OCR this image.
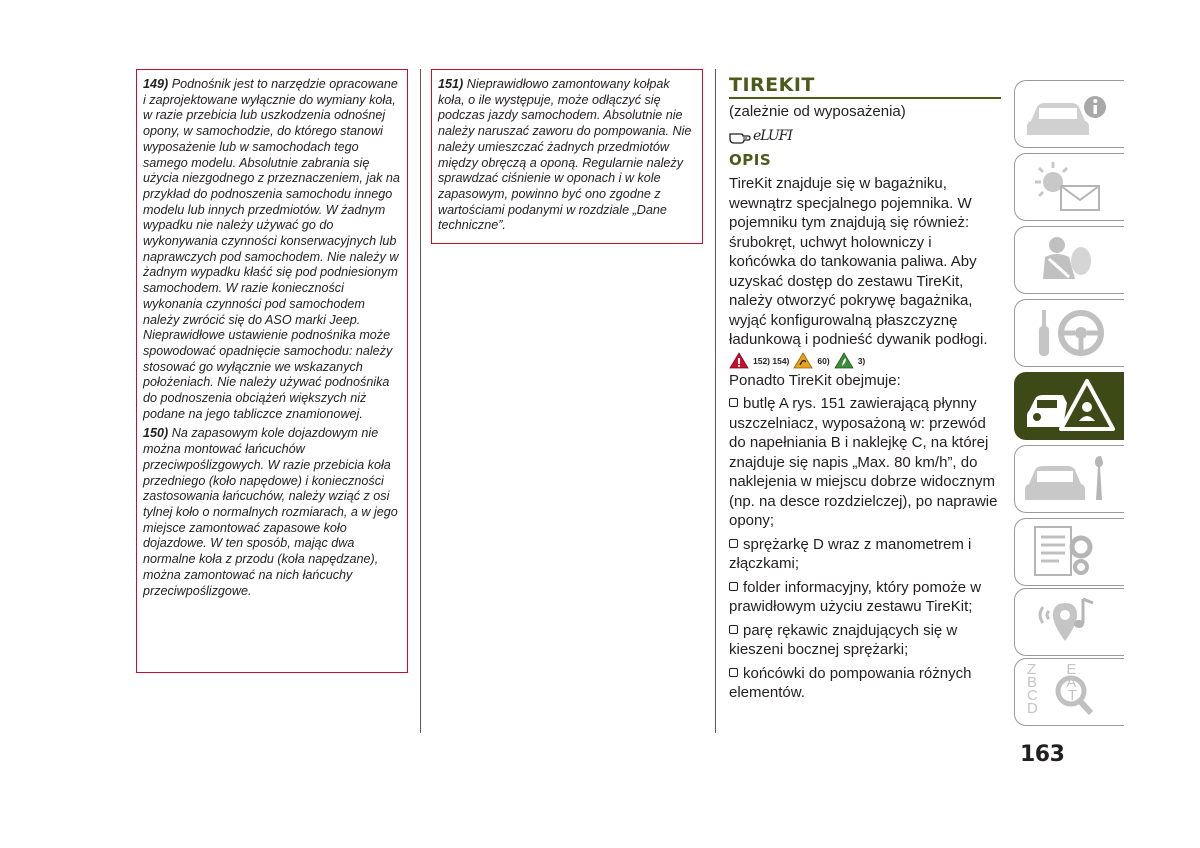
149) Podnośnik jest to narzędzie opracowane i zaprojektowane wyłącznie do wymiany koła, w razie przebicia lub uszkodzenia odnośnej opony, w samochodzie, do którego stanowi wyposażenie lub w samochodach tego samego modelu. Absolutnie zabrania się użycia niezgodnego z przeznaczeniem, jak na przykład do podnoszenia samochodu innego modelu lub innych przedmiotów. W żadnym wypadku nie należy używać go do wykonywania czynności konserwacyjnych lub naprawczych pod samochodem. Nie należy w żadnym wypadku kłaść się pod podniesionym samochodem. W razie konieczności wykonania czynności pod samochodem należy zwrócić się do ASO marki Jeep. Nieprawidłowe ustawienie podnośnika może spowodować opadnięcie samochodu: należy stosować go wyłącznie we wskazanych położeniach. Nie należy używać podnośnika do podnoszenia obciążeń większych niż podane na jego tabliczce znamionowej.

150) Na zapasowym kole dojazdowym nie można montować łańcuchów przeciwpoślizgowych. W razie przebicia koła przedniego (koło napędowe) i konieczności zastosowania łańcuchów, należy wziąć z osi tylnej koło o normalnych rozmiarach, a w jego miejsce zamontować zapasowe koło dojazdowe. W ten sposób, mając dwa normalne koła z przodu (koła napędzane), można zamontować na nich łańcuchy przeciwpoślizgowe.

151) Nieprawidłowo zamontowany kołpak koła, o ile występuje, może odłączyć się podczas jazdy samochodem. Absolutnie nie należy naruszać zaworu do pompowania. Nie należy umieszczać żadnych przedmiotów między obręczą a oponą. Regularnie należy sprawdzać ciśnienie w oponach i w kole zapasowym, powinno być ono zgodne z wartościami podanymi w rozdziale „Dane techniczne”.

TIREKIT
(zależnie od wyposażenia)
eLUFI
OPIS

TireKit znajduje się w bagażniku, wewnątrz specjalnego pojemnika. W pojemniku tym znajdują się również: śrubokręt, uchwyt holowniczy i końcówka do tankowania paliwa. Aby uzyskać dostęp do zestawu TireKit, należy otworzyć pokrywę bagażnika, wyjąć konfigurowalną płaszczyznę ładunkową i podnieść dywanik podłogi.

152) 154)	60)	3)

Ponadto TireKit obejmuje:

butlę A rys. 151 zawierającą płynny uszczelniacz, wyposażoną w: przewód do napełniania B i naklejkę C, na której znajduje się napis „Max. 80 km/h”, do naklejenia w miejscu dobrze widocznym (np. na desce rozdzielczej), po naprawie opony;

sprężarkę D wraz z manometrem i złączkami;

folder informacyjny, który pomoże w prawidłowym użyciu zestawu TireKit;

parę rękawic znajdujących się w kieszeni bocznej sprężarki;

końcówki do pompowania różnych elementów.

Z E B A C T D
163
